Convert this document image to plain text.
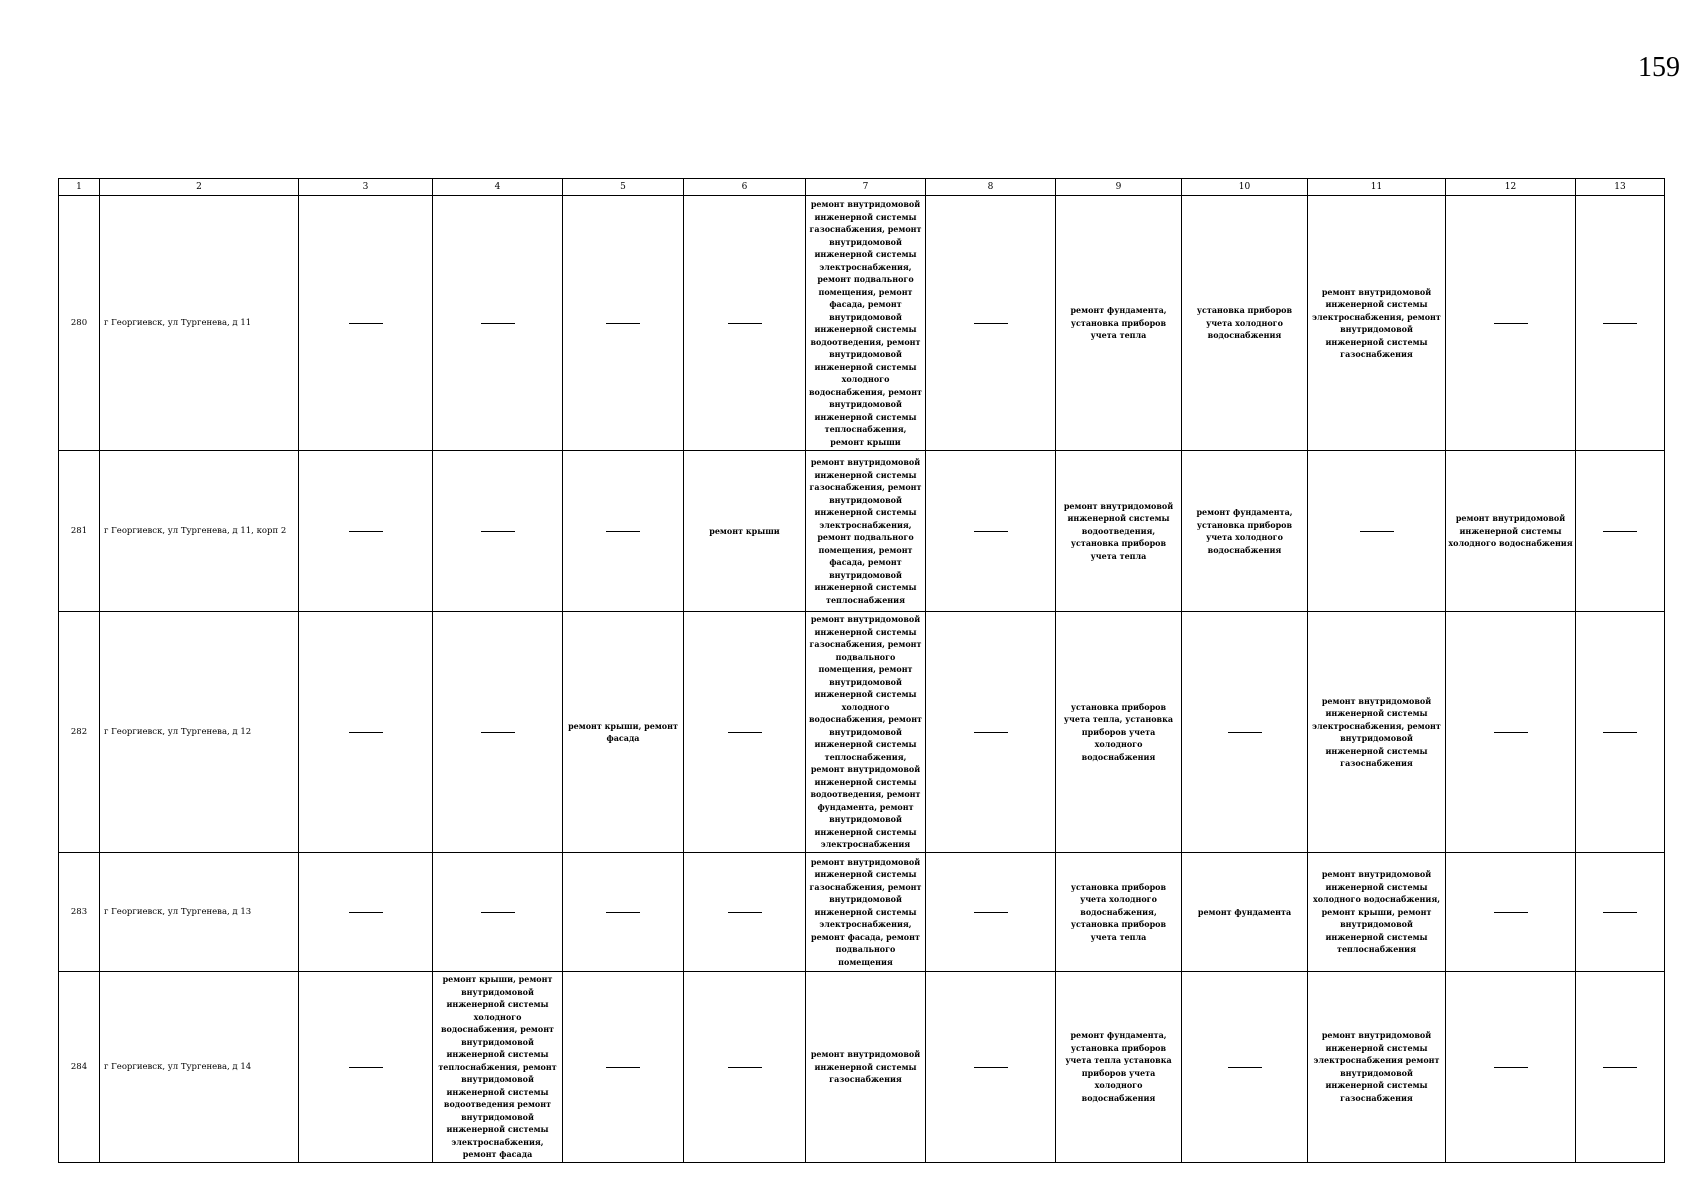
159
1	2	3	4	5	6	7	8	9	10	11	12	13
280	г Георгиевск, ул Тургенева, д 11					ремонт внутридомовой инженерной системы газоснабжения, ремонт внутридомовой инженерной системы электроснабжения, ремонт подвального помещения, ремонт фасада, ремонт внутридомовой инженерной системы водоотведения, ремонт внутридомовой инженерной системы холодного водоснабжения, ремонт внутридомовой инженерной системы теплоснабжения, ремонт крыши		ремонт фундамента, установка приборов учета тепла	установка приборов учета холодного водоснабжения	ремонт внутридомовой инженерной системы электроснабжения, ремонт внутридомовой инженерной системы газоснабжения		
281	г Георгиевск, ул Тургенева, д 11, корп 2				ремонт крыши	ремонт внутридомовой инженерной системы газоснабжения, ремонт внутридомовой инженерной системы электроснабжения, ремонт подвального помещения, ремонт фасада, ремонт внутридомовой инженерной системы теплоснабжения		ремонт внутридомовой инженерной системы водоотведения, установка приборов учета тепла	ремонт фундамента, установка приборов учета холодного водоснабжения		ремонт внутридомовой инженерной системы холодного водоснабжения	
282	г Георгиевск, ул Тургенева, д 12			ремонт крыши, ремонт фасада		ремонт внутридомовой инженерной системы газоснабжения, ремонт подвального помещения, ремонт внутридомовой инженерной системы холодного водоснабжения, ремонт внутридомовой инженерной системы теплоснабжения, ремонт внутридомовой инженерной системы водоотведения, ремонт фундамента, ремонт внутридомовой инженерной системы электроснабжения		установка приборов учета тепла, установка приборов учета холодного водоснабжения		ремонт внутридомовой инженерной системы электроснабжения, ремонт внутридомовой инженерной системы газоснабжения		
283	г Георгиевск, ул Тургенева, д 13					ремонт внутридомовой инженерной системы газоснабжения, ремонт внутридомовой инженерной системы электроснабжения, ремонт фасада, ремонт подвального помещения		установка приборов учета холодного водоснабжения, установка приборов учета тепла	ремонт фундамента	ремонт внутридомовой инженерной системы холодного водоснабжения, ремонт крыши, ремонт внутридомовой инженерной системы теплоснабжения		
284	г Георгиевск, ул Тургенева, д 14		ремонт крыши, ремонт внутридомовой инженерной системы холодного водоснабжения, ремонт внутридомовой инженерной системы теплоснабжения, ремонт внутридомовой инженерной системы водоотведения ремонт внутридомовой инженерной системы электроснабжения, ремонт фасада			ремонт внутридомовой инженерной системы газоснабжения		ремонт фундамента, установка приборов учета тепла установка приборов учета холодного водоснабжения		ремонт внутридомовой инженерной системы электроснабжения ремонт внутридомовой инженерной системы газоснабжения		
